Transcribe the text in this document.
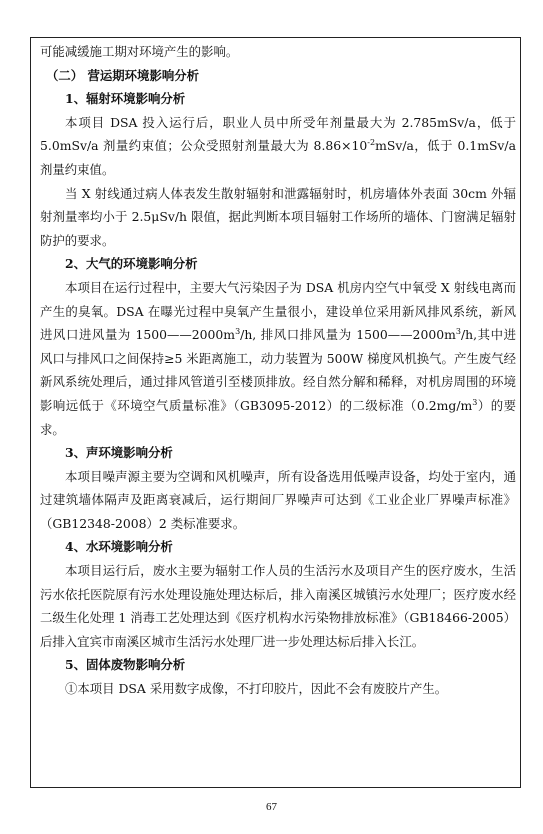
可能减缓施工期对环境产生的影响。

（二） 营运期环境影响分析

1、辐射环境影响分析

本项目 DSA 投入运行后，职业人员中所受年剂量最大为 2.785mSv/a，低于 5.0mSv/a 剂量约束值；公众受照射剂量最大为 $8.86\times 10^{-2}mSv/a$，低于 0.1mSv/a 剂量约束值。

当 X 射线通过病人体表发生散射辐射和泄露辐射时，机房墙体外表面 30cm 外辐射剂量率均小于 2.5μSv/h 限值，据此判断本项目辐射工作场所的墙体、门窗满足辐射防护的要求。

2、大气的环境影响分析

本项目在运行过程中，主要大气污染因子为 DSA 机房内空气中氧受 X 射线电离而产生的臭氧。DSA 在曝光过程中臭氧产生量很小，建设单位采用新风排风系统，新风进风口进风量为 $1500——2000m^3/h$, 排风口排风量为 $1500——2000m^3/h$,其中进风口与排风口之间保持≥5 米距离施工，动力装置为 500W 梯度风机换气。产生废气经新风系统处理后，通过排风管道引至楼顶排放。经自然分解和稀释，对机房周围的环境影响远低于《环境空气质量标准》（GB3095-2012）的二级标准$(0.2mg/m^3)$的要求。

3、声环境影响分析

本项目噪声源主要为空调和风机噪声，所有设备选用低噪声设备，均处于室内，通过建筑墙体隔声及距离衰减后，运行期间厂界噪声可达到《工业企业厂界噪声标准》（GB12348-2008）2 类标准要求。

4、水环境影响分析

本项目运行后，废水主要为辐射工作人员的生活污水及项目产生的医疗废水，生活污水依托医院原有污水处理设施处理达标后，排入南溪区城镇污水处理厂；医疗废水经二级生化处理 1 消毒工艺处理达到《医疗机构水污染物排放标准》（GB18466-2005）后排入宜宾市南溪区城市生活污水处理厂进一步处理达标后排入长江。

5、固体废物影响分析

①本项目 DSA 采用数字成像，不打印胶片，因此不会有废胶片产生。

67
